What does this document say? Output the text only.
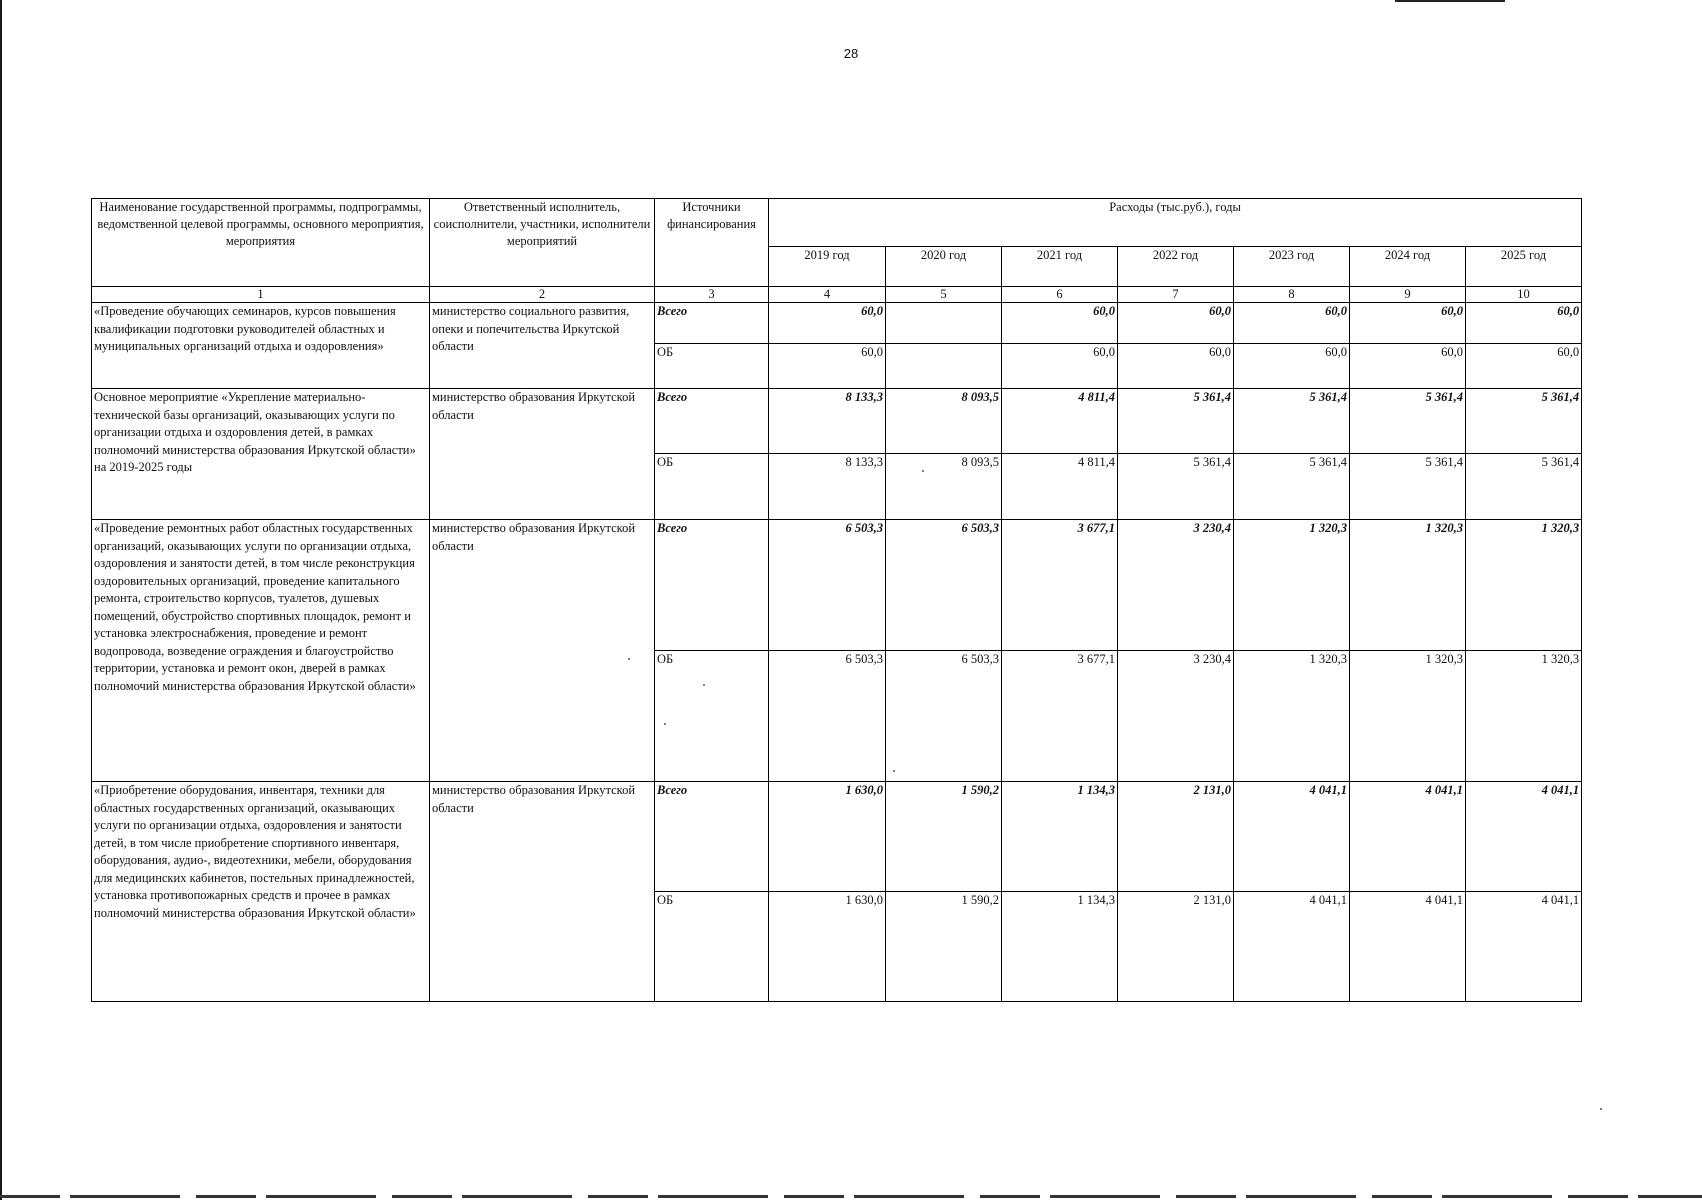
28
Наименование государственной программы, подпрограммы, ведомственной целевой программы, основного мероприятия, мероприятия	Ответственный исполнитель, соисполнители, участники, исполнители мероприятий	Источники финансирования	Расходы (тыс.руб.), годы						
			2019 год	2020 год	2021 год	2022 год	2023 год	2024 год	2025 год
1	2	3	4	5	6	7	8	9	10
«Проведение обучающих семинаров, курсов повышения квалификации подготовки руководителей областных и муниципальных организаций отдыха и оздоровления»	министерство социального развития, опеки и попечительства Иркутской области	Всего	60,0		60,0	60,0	60,0	60,0	60,0
		ОБ	60,0		60,0	60,0	60,0	60,0	60,0
Основное мероприятие «Укрепление материально-технической базы организаций, оказывающих услуги по организации отдыха и оздоровления детей, в рамках полномочий министерства образования Иркутской области» на 2019-2025 годы	министерство образования Иркутской области	Всего	8 133,3	8 093,5	4 811,4	5 361,4	5 361,4	5 361,4	5 361,4
		ОБ	8 133,3	8 093,5	4 811,4	5 361,4	5 361,4	5 361,4	5 361,4
«Проведение ремонтных работ областных государственных организаций, оказывающих услуги по организации отдыха, оздоровления и занятости детей, в том числе реконструкция оздоровительных организаций, проведение капитального ремонта, строительство корпусов, туалетов, душевых помещений, обустройство спортивных площадок, ремонт и установка электроснабжения, проведение и ремонт водопровода, возведение ограждения и благоустройство территории, установка и ремонт окон, дверей в рамках полномочий министерства образования Иркутской области»	министерство образования Иркутской области	Всего	6 503,3	6 503,3	3 677,1	3 230,4	1 320,3	1 320,3	1 320,3
		ОБ	6 503,3	6 503,3	3 677,1	3 230,4	1 320,3	1 320,3	1 320,3
«Приобретение оборудования, инвентаря, техники для областных государственных организаций, оказывающих услуги по организации отдыха, оздоровления и занятости детей, в том числе приобретение спортивного инвентаря, оборудования, аудио-, видеотехники, мебели, оборудования для медицинских кабинетов, постельных принадлежностей, установка противопожарных средств и прочее в рамках полномочий министерства образования Иркутской области»	министерство образования Иркутской области	Всего	1 630,0	1 590,2	1 134,3	2 131,0	4 041,1	4 041,1	4 041,1
		ОБ	1 630,0	1 590,2	1 134,3	2 131,0	4 041,1	4 041,1	4 041,1
